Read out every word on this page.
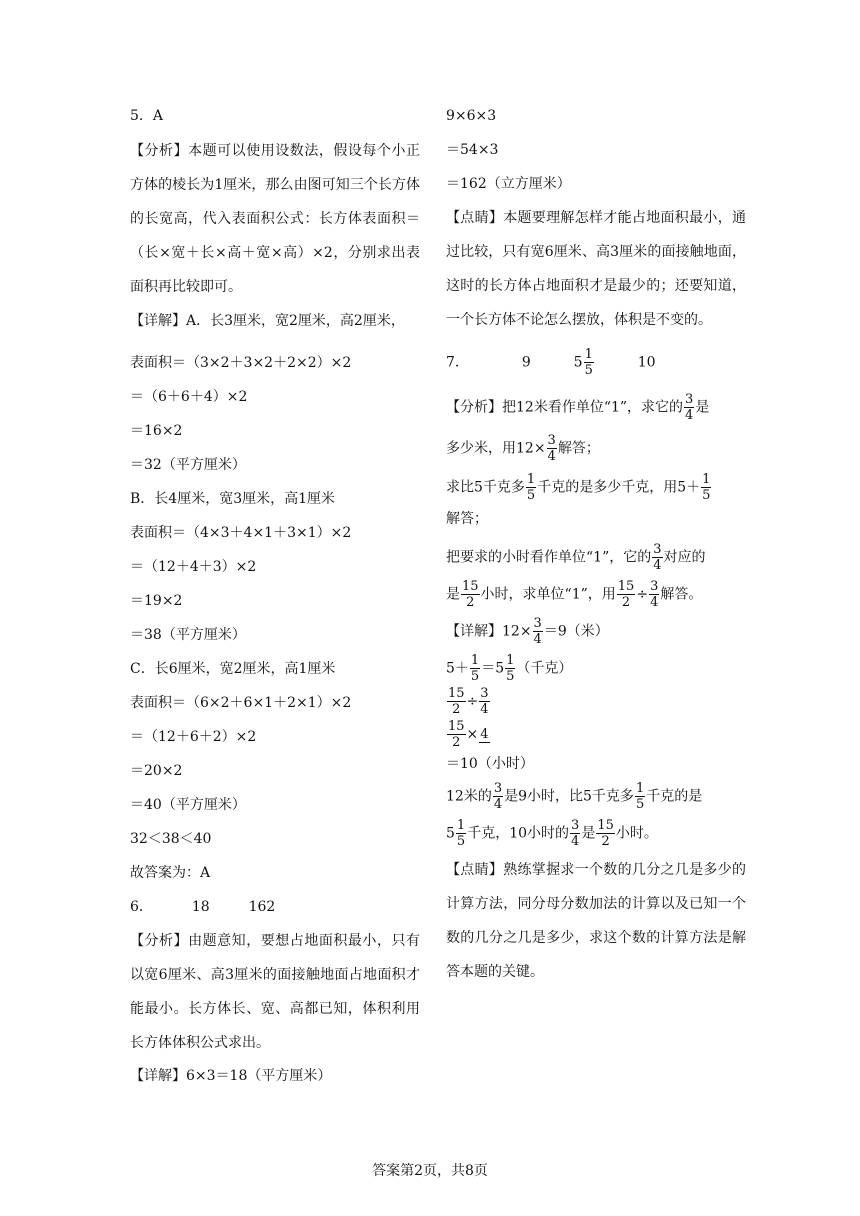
5．A
【分析】本题可以使用设数法，假设每个小正方体的棱长为1厘米，那么由图可知三个长方体的长宽高，代入表面积公式：长方体表面积＝（长×宽＋长×高＋宽×高）×2，分别求出表面积再比较即可。
【详解】A．长3厘米，宽2厘米，高2厘米，
表面积＝（3×2＋3×2＋2×2）×2
＝（6＋6＋4）×2
＝16×2
＝32（平方厘米）
B．长4厘米，宽3厘米，高1厘米
表面积＝（4×3＋4×1＋3×1）×2
＝（12＋4＋3）×2
＝19×2
＝38（平方厘米）
C．长6厘米，宽2厘米，高1厘米
表面积＝（6×2＋6×1＋2×1）×2
＝（12＋6＋2）×2
＝20×2
＝40（平方厘米）
32＜38＜40
故答案为：A
6．	18	162
【分析】由题意知，要想占地面积最小，只有以宽6厘米、高3厘米的面接触地面占地面积才能最小。长方体长、宽、高都已知，体积利用长方体体积公式求出。
【详解】6×3＝18（平方厘米）
9×6×3
＝54×3
＝162（立方厘米）
【点睛】本题要理解怎样才能占地面积最小，通过比较，只有宽6厘米、高3厘米的面接触地面，这时的长方体占地面积才是最少的；还要知道，一个长方体不论怎么摆放，体积是不变的。
7．	9	$5 \frac{1}{5}$	10
【分析】把12米看作单位“1”，求它的 $\frac{3}{4}$ 是
多少米，用$12\times \frac{3}{4}$ 解答；
求比5千克多 $\frac{1}{5}$ 千克的是多少千克，用$5+ \frac{1}{5}$
解答；
把要求的小时看作单位“1”，它的 $\frac{3}{4}$ 对应的
是 $\frac{15}{2}$ 小时，求单位“1”，用 $\frac{15}{2} \div \frac{3}{4}$ 解答。
【详解】$12\times \frac{3}{4} =9$（米）
$5+ \frac{1}{5} =5 \frac{1}{5}$ （千克）
$\frac{15}{2} \div \frac{3}{4}$
$\frac{15}{2} \times 4$
＝10（小时）
12米的 $\frac{3}{4}$ 是9小时，比5千克多 $\frac{1}{5}$ 千克的是
$5 \frac{1}{5}$ 千克，10小时的 $\frac{3}{4}$ 是 $\frac{15}{2}$ 小时。
【点睛】熟练掌握求一个数的几分之几是多少的计算方法，同分母分数加法的计算以及已知一个数的几分之几是多少，求这个数的计算方法是解答本题的关键。
答案第2页，共8页
